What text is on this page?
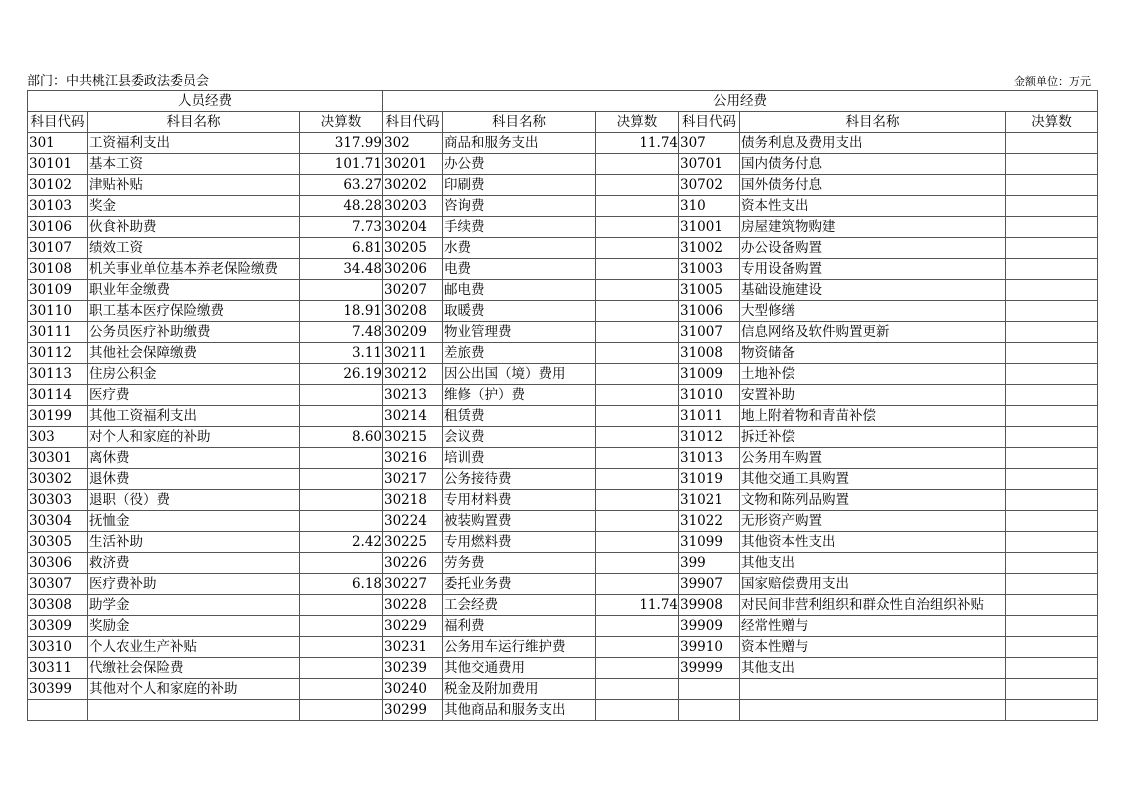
部门：中共桃江县委政法委员会	金额单位：万元
人员经费			公用经费					
科目代码	科目名称	决算数	科目代码	科目名称	决算数	科目代码	科目名称	决算数
301	工资福利支出	317.99	302	商品和服务支出	11.74	307	债务利息及费用支出	
30101	基本工资	101.71	30201	办公费		30701	国内债务付息	
30102	津贴补贴	63.27	30202	印刷费		30702	国外债务付息	
30103	奖金	48.28	30203	咨询费		310	资本性支出	
30106	伙食补助费	7.73	30204	手续费		31001	房屋建筑物购建	
30107	绩效工资	6.81	30205	水费		31002	办公设备购置	
30108	机关事业单位基本养老保险缴费	34.48	30206	电费		31003	专用设备购置	
30109	职业年金缴费		30207	邮电费		31005	基础设施建设	
30110	职工基本医疗保险缴费	18.91	30208	取暖费		31006	大型修缮	
30111	公务员医疗补助缴费	7.48	30209	物业管理费		31007	信息网络及软件购置更新	
30112	其他社会保障缴费	3.11	30211	差旅费		31008	物资储备	
30113	住房公积金	26.19	30212	因公出国（境）费用		31009	土地补偿	
30114	医疗费		30213	维修（护）费		31010	安置补助	
30199	其他工资福利支出		30214	租赁费		31011	地上附着物和青苗补偿	
303	对个人和家庭的补助	8.60	30215	会议费		31012	拆迁补偿	
30301	离休费		30216	培训费		31013	公务用车购置	
30302	退休费		30217	公务接待费		31019	其他交通工具购置	
30303	退职（役）费		30218	专用材料费		31021	文物和陈列品购置	
30304	抚恤金		30224	被装购置费		31022	无形资产购置	
30305	生活补助	2.42	30225	专用燃料费		31099	其他资本性支出	
30306	救济费		30226	劳务费		399	其他支出	
30307	医疗费补助	6.18	30227	委托业务费		39907	国家赔偿费用支出	
30308	助学金		30228	工会经费	11.74	39908	对民间非营利组织和群众性自治组织补贴	
30309	奖励金		30229	福利费		39909	经常性赠与	
30310	个人农业生产补贴		30231	公务用车运行维护费		39910	资本性赠与	
30311	代缴社会保险费		30239	其他交通费用		39999	其他支出	
30399	其他对个人和家庭的补助		30240	税金及附加费用				
			30299	其他商品和服务支出				
